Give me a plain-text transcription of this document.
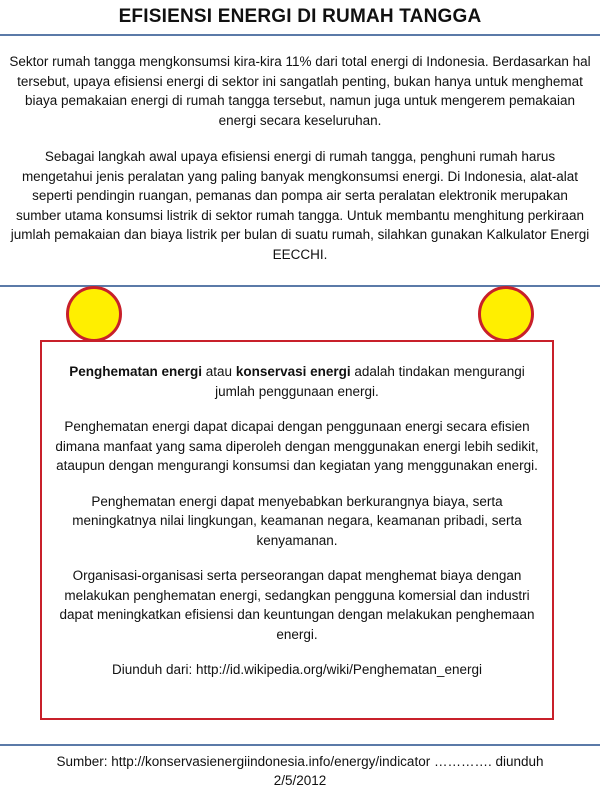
EFISIENSI ENERGI DI RUMAH TANGGA

Sektor rumah tangga mengkonsumsi kira-kira 11% dari total energi di Indonesia. Berdasarkan hal tersebut, upaya efisiensi energi di sektor ini sangatlah penting, bukan hanya untuk menghemat biaya pemakaian energi di rumah tangga tersebut, namun juga untuk mengerem pemakaian energi secara keseluruhan.

Sebagai langkah awal upaya efisiensi energi di rumah tangga, penghuni rumah harus mengetahui jenis peralatan yang paling banyak mengkonsumsi energi. Di Indonesia, alat-alat seperti pendingin ruangan, pemanas dan pompa air serta peralatan elektronik merupakan sumber utama konsumsi listrik di sektor rumah tangga. Untuk membantu menghitung perkiraan jumlah pemakaian dan biaya listrik per bulan di suatu rumah, silahkan gunakan Kalkulator Energi EECCHI.

Penghematan energi atau konservasi energi adalah tindakan mengurangi jumlah penggunaan energi.

Penghematan energi dapat dicapai dengan penggunaan energi secara efisien dimana manfaat yang sama diperoleh dengan menggunakan energi lebih sedikit, ataupun dengan mengurangi konsumsi dan kegiatan yang menggunakan energi.

Penghematan energi dapat menyebabkan berkurangnya biaya, serta meningkatnya nilai lingkungan, keamanan negara, keamanan pribadi, serta kenyamanan.

Organisasi-organisasi serta perseorangan dapat menghemat biaya dengan melakukan penghematan energi, sedangkan pengguna komersial dan industri dapat meningkatkan efisiensi dan keuntungan dengan melakukan penghemaan energi.

Diunduh dari: http://id.wikipedia.org/wiki/Penghematan_energi

Sumber: http://konservasienergiindonesia.info/energy/indicator …………. diunduh
2/5/2012
